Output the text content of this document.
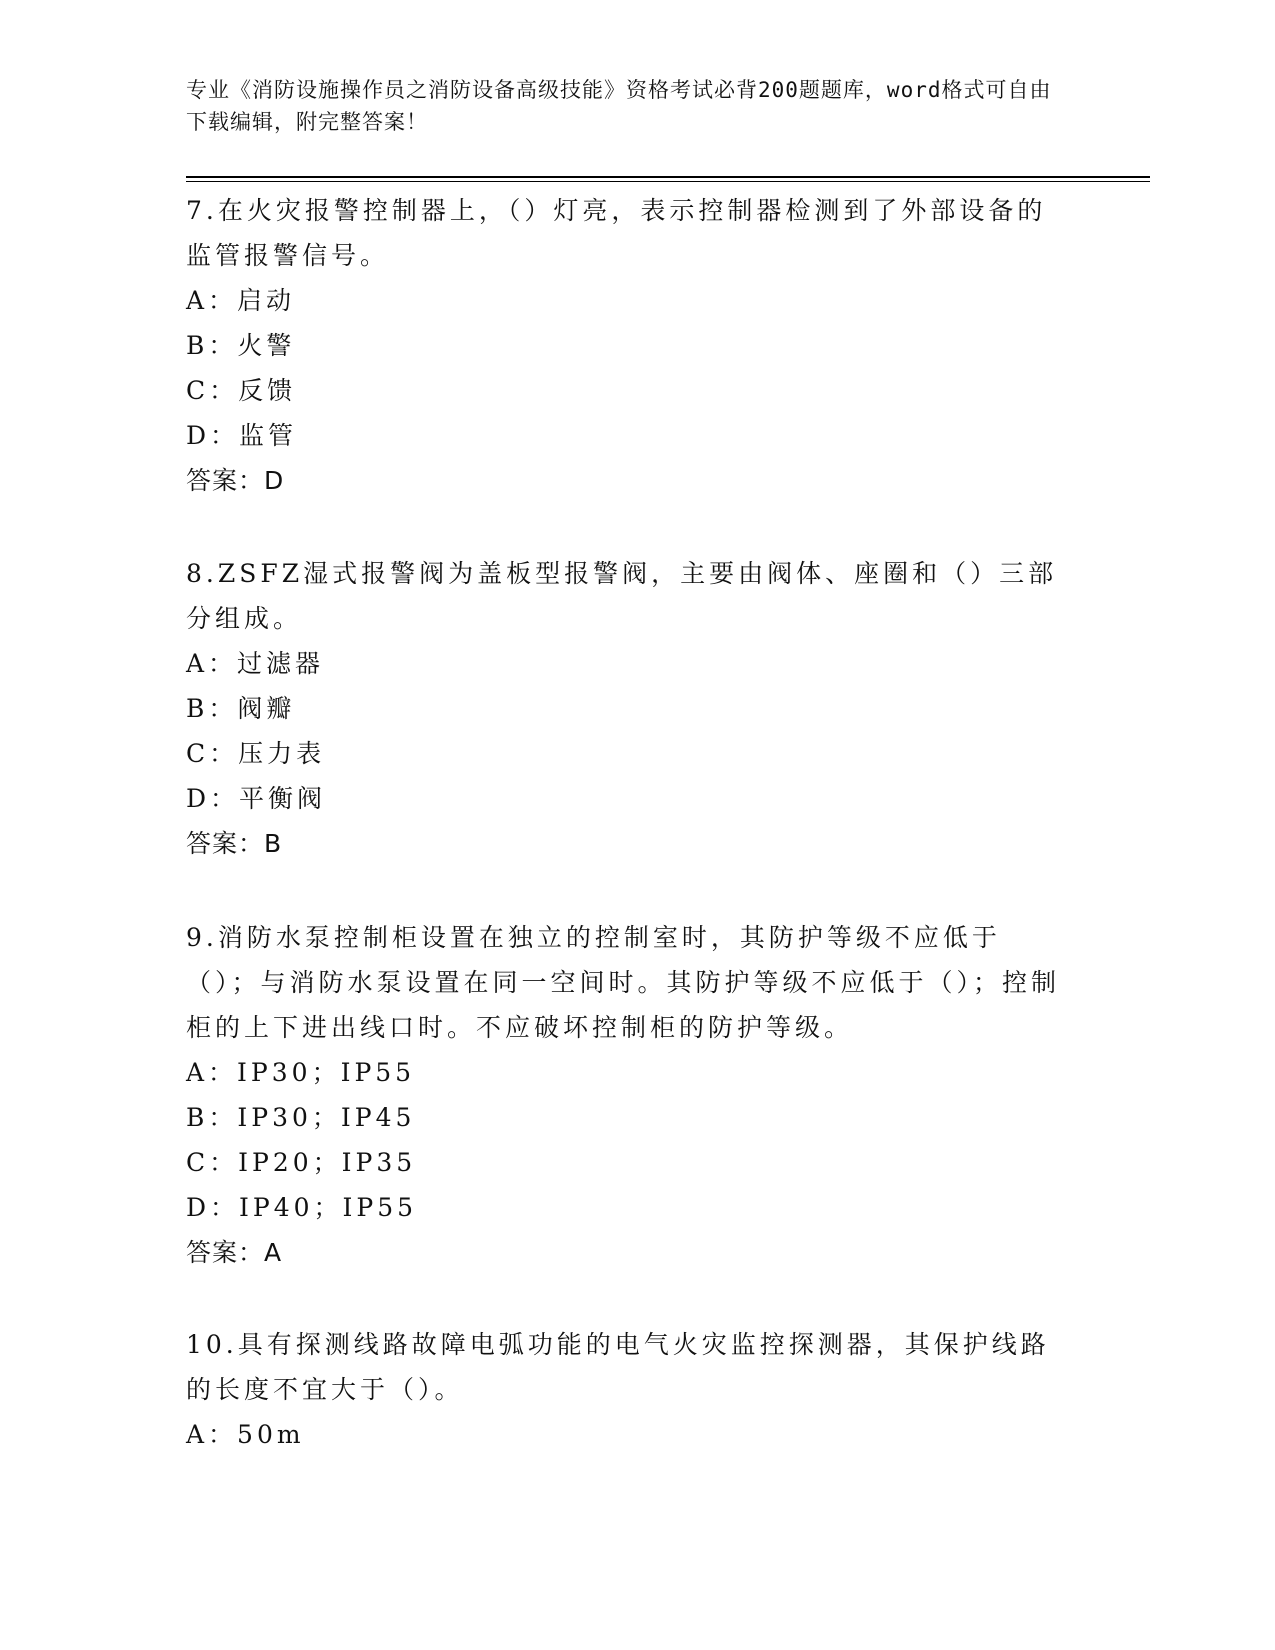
专业《消防设施操作员之消防设备高级技能》资格考试必背200题题库，word格式可自由下载编辑，附完整答案！
7.在火灾报警控制器上，（）灯亮，表示控制器检测到了外部设备的监管报警信号。
A：启动
B：火警
C：反馈
D：监管
答案：D
8.ZSFZ湿式报警阀为盖板型报警阀，主要由阀体、座圈和（）三部分组成。
A：过滤器
B：阀瓣
C：压力表
D：平衡阀
答案：B
9.消防水泵控制柜设置在独立的控制室时，其防护等级不应低于（）；与消防水泵设置在同一空间时。其防护等级不应低于（）；控制柜的上下进出线口时。不应破坏控制柜的防护等级。
A：IP30；IP55
B：IP30；IP45
C：IP20；IP35
D：IP40；IP55
答案：A
10.具有探测线路故障电弧功能的电气火灾监控探测器，其保护线路的长度不宜大于（）。
A：50m
